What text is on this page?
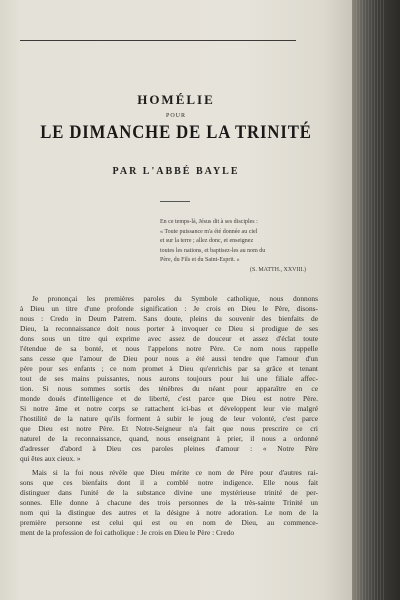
HOMÉLIE
POUR
LE DIMANCHE DE LA TRINITÉ
PAR L'ABBÉ BAYLE
En ce temps-là, Jésus dit à ses disciples :
« Toute puissance m'a été donnée au ciel
et sur la terre ; allez donc, et enseignez
toutes les nations, et baptisez-les au nom du
Père, du Fils et du Saint-Esprit. »
(S. MATTH., XXVIII.)
Je prononçai les premières paroles du Symbole catholique, nous donnons
à Dieu un titre d'une profonde signification : Je crois en Dieu le Père, disons-
nous : Credo in Deum Patrem. Sans doute, pleins du souvenir des bienfaits de
Dieu, la reconnaissance doit nous porter à invoquer ce Dieu si prodigue de ses
dons sous un titre qui exprime avec assez de douceur et assez d'éclat toute
l'étendue de sa bonté, et nous l'appelons notre Père. Ce nom nous rappelle
sans cesse que l'amour de Dieu pour nous a été aussi tendre que l'amour d'un
père pour ses enfants ; ce nom promet à Dieu qu'enrichis par sa grâce et tenant
tout de ses mains puissantes, nous aurons toujours pour lui une filiale affec-
tion. Si nous sommes sortis des ténèbres du néant pour apparaître en ce
monde doués d'intelligence et de liberté, c'est parce que Dieu est notre Père.
Si notre âme et notre corps se rattachent ici-bas et développent leur vie malgré
l'hostilité de la nature qu'ils forment à subir le joug de leur volonté, c'est parce
que Dieu est notre Père. Et Notre-Seigneur n'a fait que nous prescrire ce cri
naturel de la reconnaissance, quand, nous enseignant à prier, il nous a ordonné
d'adresser d'abord à Dieu ces paroles pleines d'amour : « Notre Père
qui êtes aux cieux. »
Mais si la foi nous révèle que Dieu mérite ce nom de Père pour d'autres rai-
sons que ces bienfaits dont il a comblé notre indigence. Elle nous fait
distinguer dans l'unité de la substance divine une mystérieuse trinité de per-
sonnes. Elle donne à chacune des trois personnes de la très-sainte Trinité un
nom qui la distingue des autres et la désigne à notre adoration. Le nom de la
première personne est celui qui est ou en nom de Dieu, au commence-
ment de la profession de foi catholique : Je crois en Dieu le Père : Credo
